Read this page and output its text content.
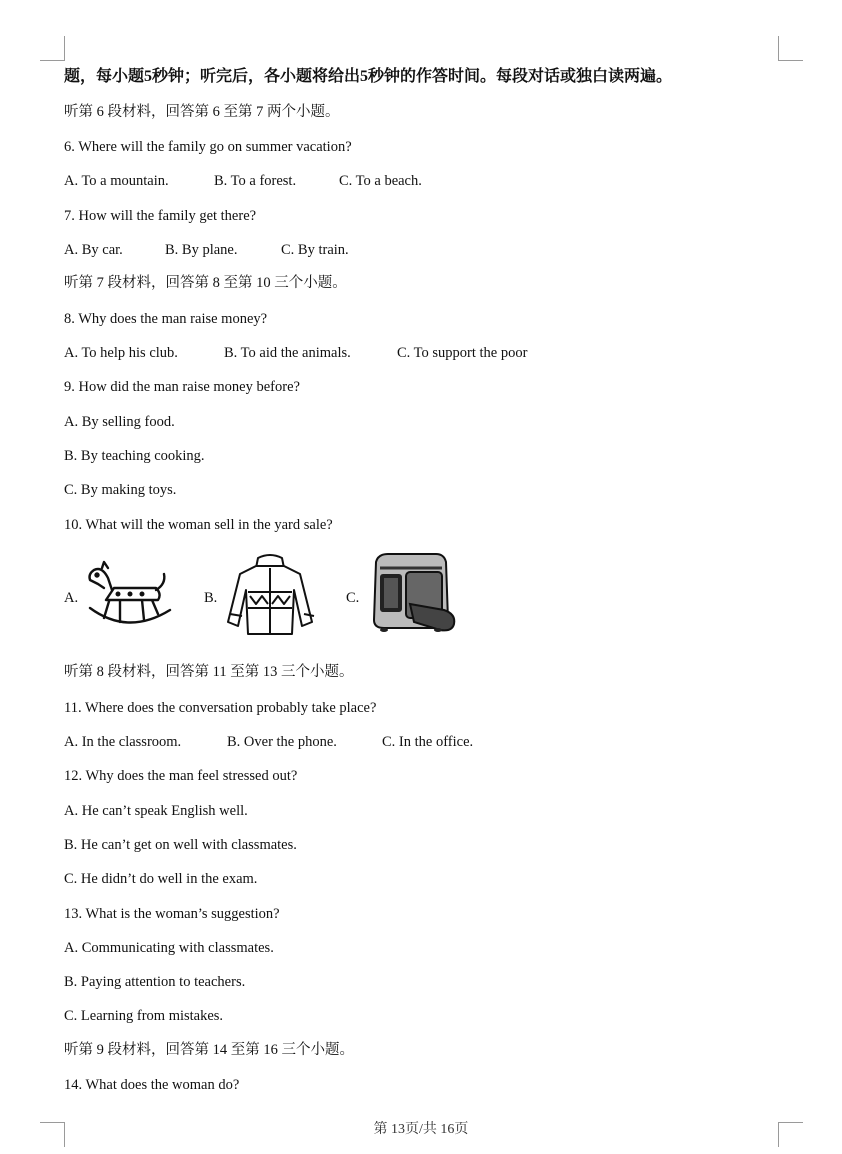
题，每小题5秒钟；听完后，各小题将给出5秒钟的作答时间。每段对话或独白读两遍。
听第 6 段材料，回答第 6 至第 7 两个小题。
6. Where will the family go on summer vacation?
A. To a mountain.	B. To a forest.	C. To a beach.
7. How will the family get there?
A. By car.	B. By plane.	C. By train.
听第 7 段材料，回答第 8 至第 10 三个小题。
8. Why does the man raise money?
A. To help his club.	B. To aid the animals.	C. To support the poor
9. How did the man raise money before?
A. By selling food.
B. By teaching cooking.
C. By making toys.
10. What will the woman sell in the yard sale?
A.	B.	C.
听第 8 段材料，回答第 11 至第 13 三个小题。
11. Where does the conversation probably take place?
A. In the classroom.	B. Over the phone.	C. In the office.
12. Why does the man feel stressed out?
A. He can’t speak English well.
B. He can’t get on well with classmates.
C. He didn’t do well in the exam.
13. What is the woman’s suggestion?
A. Communicating with classmates.
B. Paying attention to teachers.
C. Learning from mistakes.
听第 9 段材料，回答第 14 至第 16 三个小题。
14. What does the woman do?
第 13页/共 16页
